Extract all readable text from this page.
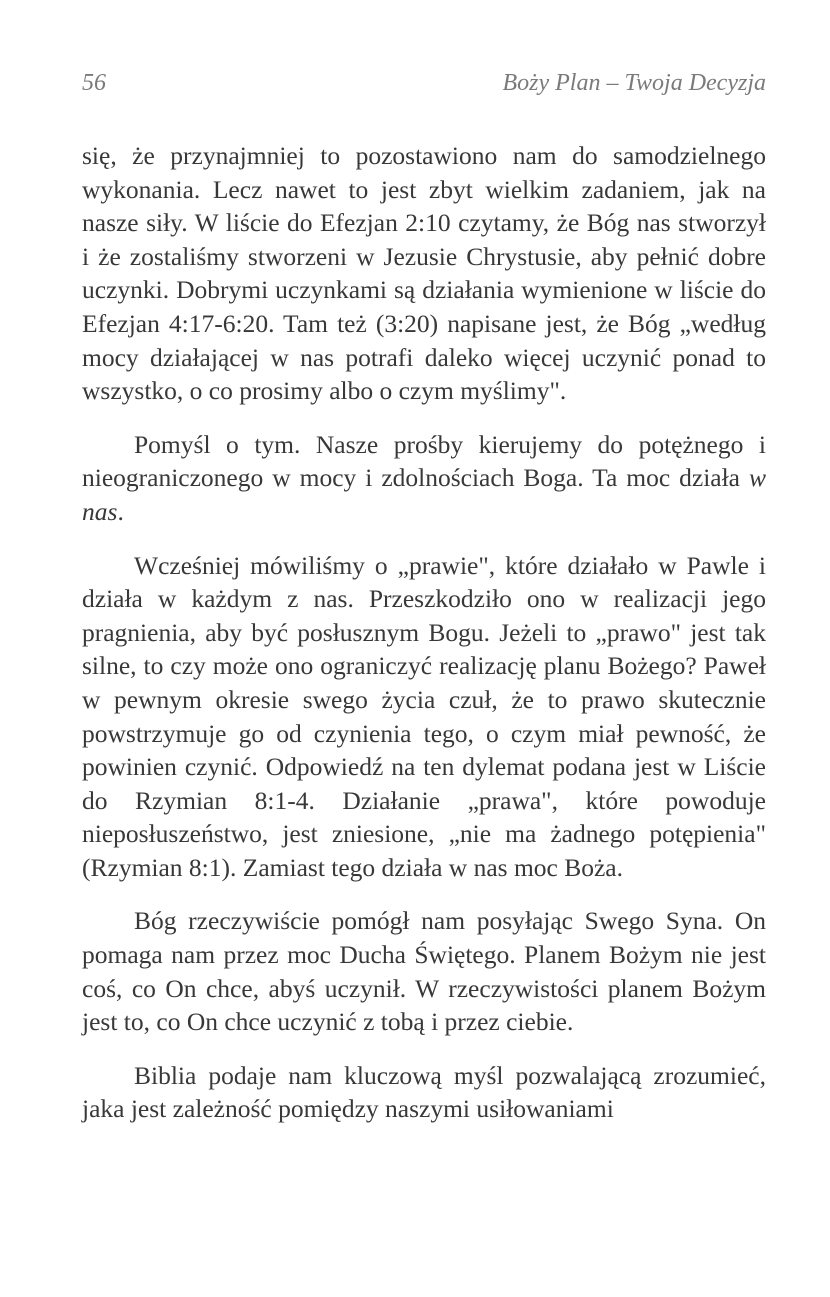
56	Boży Plan – Twoja Decyzja

się, że przynajmniej to pozostawiono nam do samodzielnego wykonania. Lecz nawet to jest zbyt wielkim zadaniem, jak na nasze siły. W liście do Efezjan 2:10 czytamy, że Bóg nas stworzył i że zostaliśmy stworzeni w Jezusie Chrystusie, aby pełnić dobre uczynki. Dobrymi uczynkami są działania wymienione w liście do Efezjan 4:17-6:20. Tam też (3:20) napisane jest, że Bóg „według mocy działającej w nas potrafi daleko więcej uczynić ponad to wszystko, o co prosimy albo o czym myślimy".

Pomyśl o tym. Nasze prośby kierujemy do potężnego i nieograniczonego w mocy i zdolnościach Boga. Ta moc działa w nas.

Wcześniej mówiliśmy o „prawie", które działało w Pawle i działa w każdym z nas. Przeszkodziło ono w realizacji jego pragnienia, aby być posłusznym Bogu. Jeżeli to „prawo" jest tak silne, to czy może ono ograniczyć realizację planu Bożego? Paweł w pewnym okresie swego życia czuł, że to prawo skutecznie powstrzymuje go od czynienia tego, o czym miał pewność, że powinien czynić. Odpowiedź na ten dylemat podana jest w Liście do Rzymian 8:1-4. Działanie „prawa", które powoduje nieposłuszeństwo, jest zniesione, „nie ma żadnego potępienia" (Rzymian 8:1). Zamiast tego działa w nas moc Boża.

Bóg rzeczywiście pomógł nam posyłając Swego Syna. On pomaga nam przez moc Ducha Świętego. Planem Bożym nie jest coś, co On chce, abyś uczynił. W rzeczywistości planem Bożym jest to, co On chce uczynić z tobą i przez ciebie.

Biblia podaje nam kluczową myśl pozwalającą zrozumieć, jaka jest zależność pomiędzy naszymi usiłowaniami
